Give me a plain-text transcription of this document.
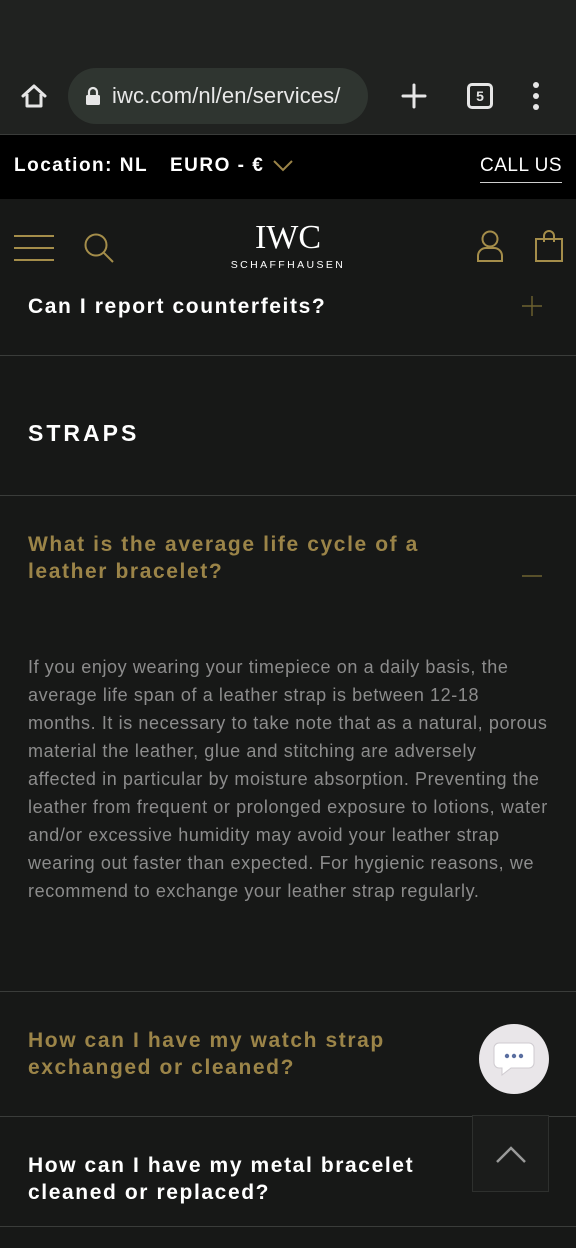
iwc.com/nl/en/services/	5
Location: NL EURO - €	CALL US
IWC
SCHAFFHAUSEN
Can I report counterfeits?
STRAPS
What is the average life cycle of a leather bracelet?

If you enjoy wearing your timepiece on a daily basis, the average life span of a leather strap is between 12-18 months. It is necessary to take note that as a natural, porous material the leather, glue and stitching are adversely affected in particular by moisture absorption. Preventing the leather from frequent or prolonged exposure to lotions, water and/or excessive humidity may avoid your leather strap wearing out faster than expected. For hygienic reasons, we recommend to exchange your leather strap regularly.

How can I have my watch strap exchanged or cleaned?
How can I have my metal bracelet cleaned or replaced?
